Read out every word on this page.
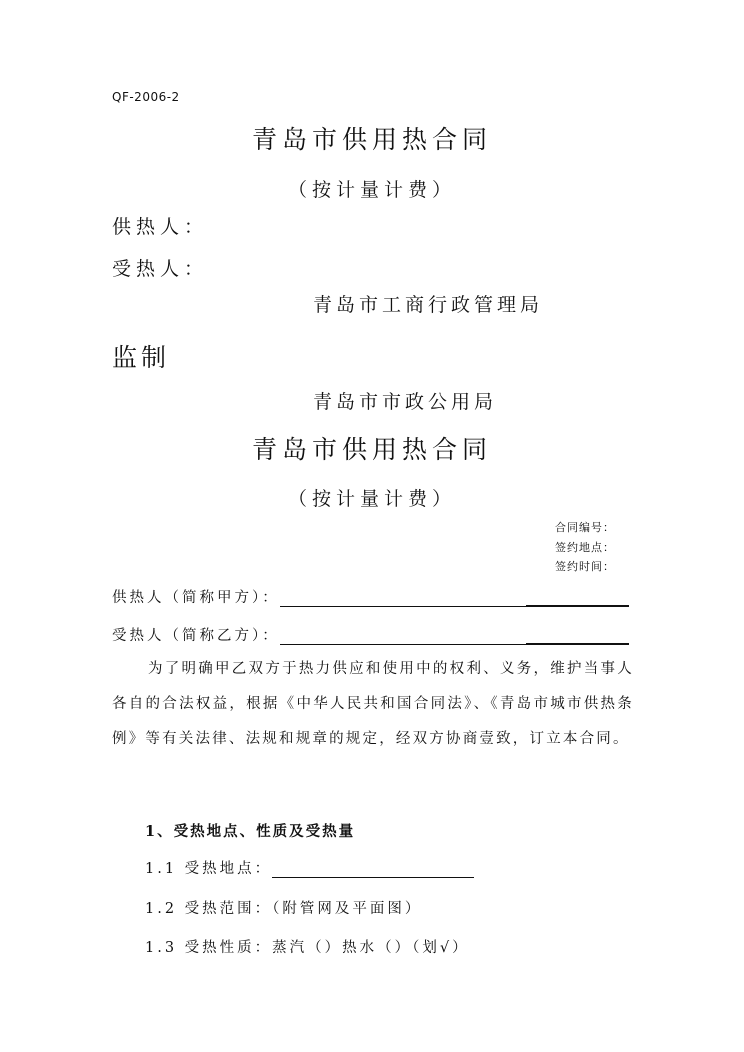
QF-2006-2
青岛市供用热合同
（按计量计费）
供热人：
受热人：
青岛市工商行政管理局
监制
青岛市市政公用局
青岛市供用热合同
（按计量计费）
合同编号：
签约地点：
签约时间：
供热人（简称甲方）：
受热人（简称乙方）：

为了明确甲乙双方于热力供应和使用中的权利、义务，维护当事人各自的合法权益，根据《中华人民共和国合同法》、《青岛市城市供热条例》等有关法律、法规和规章的规定，经双方协商壹致，订立本合同。

1、受热地点、性质及受热量
1.1 受热地点：
1.2 受热范围：（附管网及平面图）
1.3 受热性质：蒸汽（）热水（）（划√）
